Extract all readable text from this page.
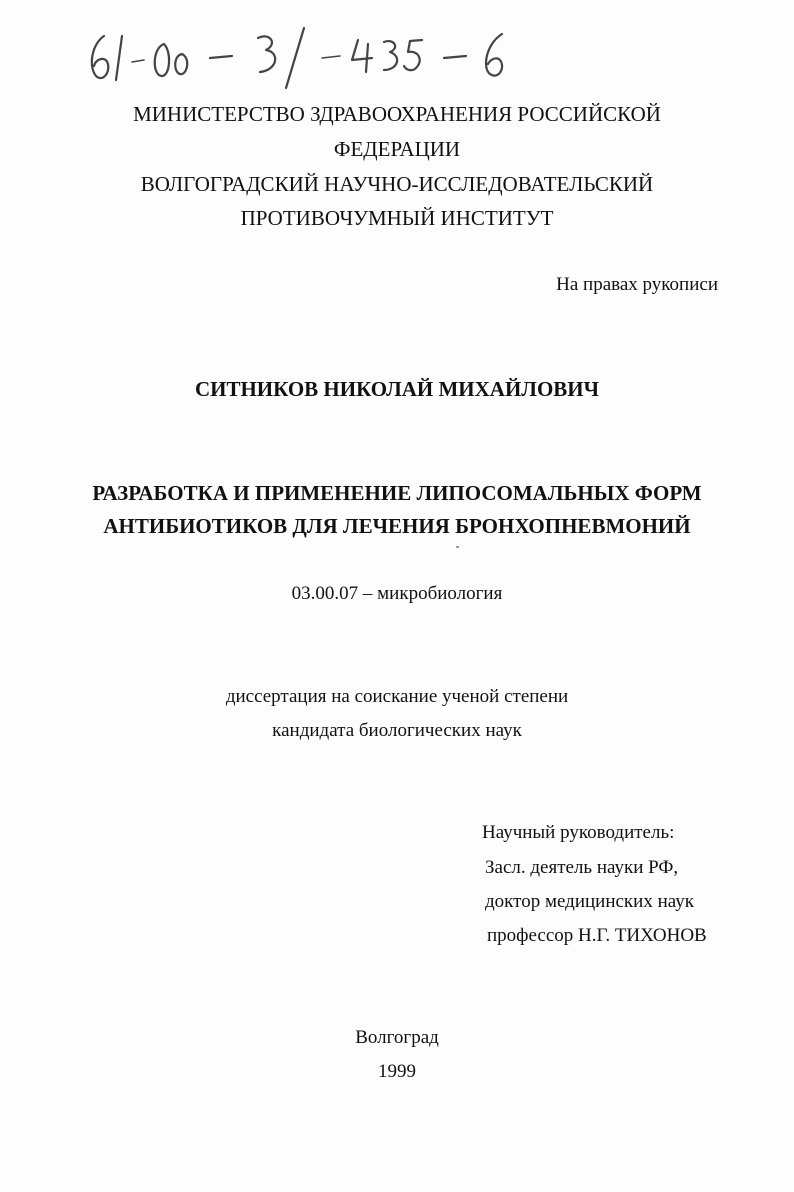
МИНИСТЕРСТВО ЗДРАВООХРАНЕНИЯ РОССИЙСКОЙ
ФЕДЕРАЦИИ
ВОЛГОГРАДСКИЙ НАУЧНО-ИССЛЕДОВАТЕЛЬСКИЙ
ПРОТИВОЧУМНЫЙ ИНСТИТУТ
На правах рукописи
СИТНИКОВ НИКОЛАЙ МИХАЙЛОВИЧ
РАЗРАБОТКА И ПРИМЕНЕНИЕ ЛИПОСОМАЛЬНЫХ ФОРМ
АНТИБИОТИКОВ ДЛЯ ЛЕЧЕНИЯ БРОНХОПНЕВМОНИЙ
03.00.07 – микробиология
диссертация на соискание ученой степени
кандидата биологических наук
Научный руководитель:
Засл. деятель науки РФ,
доктор медицинских наук
профессор Н.Г. ТИХОНОВ
Волгоград
1999
